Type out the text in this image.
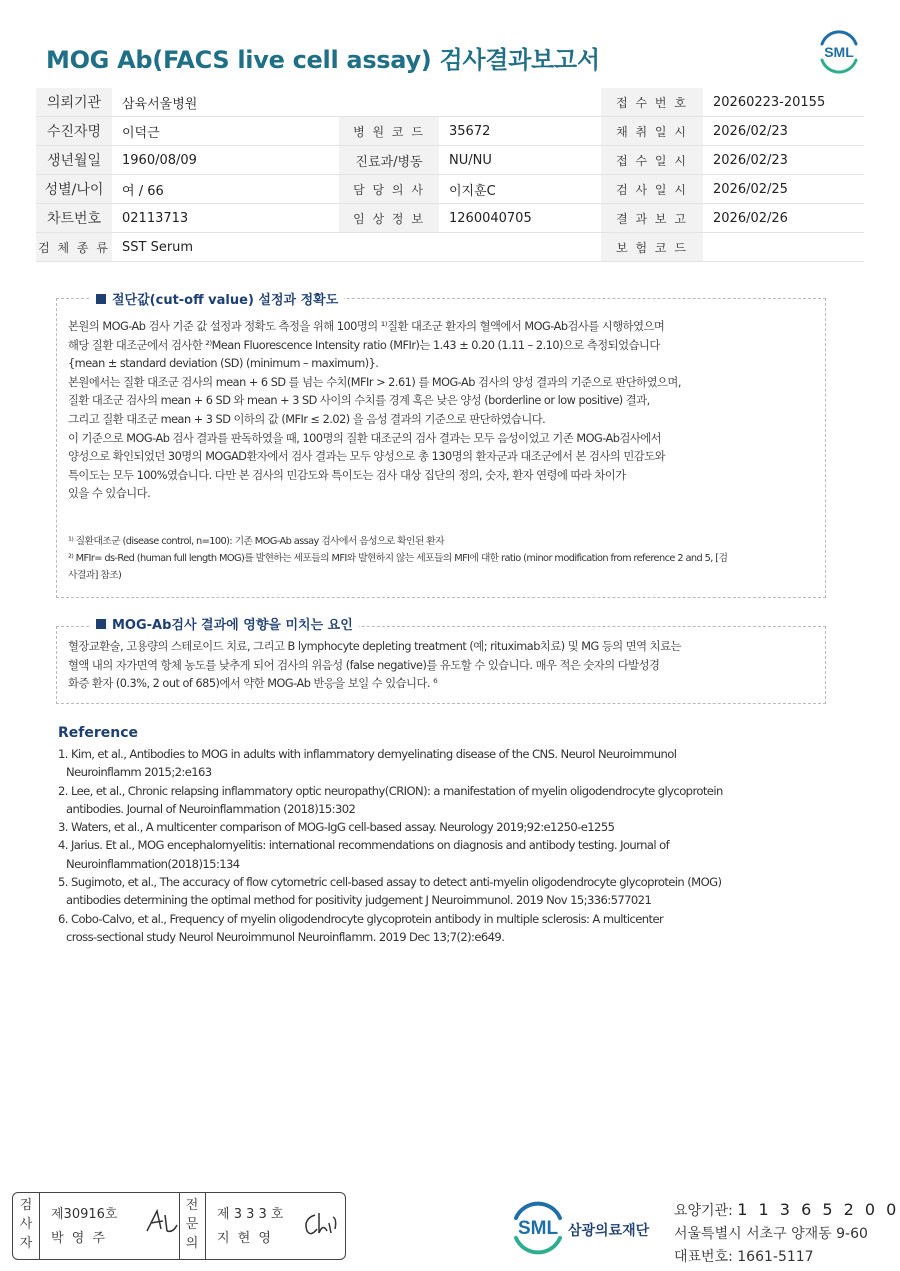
MOG Ab(FACS live cell assay) 검사결과보고서	SML
의뢰기관	삼육서울병원			접 수 번 호	20260223-20155
수진자명	이덕근	병 원 코 드	35672	채 취 일 시	2026/02/23
생년월일	1960/08/09	진료과/병동	NU/NU	접 수 일 시	2026/02/23
성별/나이	여 / 66	담 당 의 사	이지훈C	검 사 일 시	2026/02/25
차트번호	02113713	임 상 정 보	1260040705	결 과 보 고	2026/02/26
검 체 종 류	SST Serum			보 험 코 드	
절단값(cut-off value) 설정과 정확도
본원의 MOG-Ab 검사 기준 값 설정과 정확도 측정을 위해 100명의 ¹⁾질환 대조군 환자의 혈액에서 MOG-Ab검사를 시행하였으며
해당 질환 대조군에서 검사한 ²⁾Mean Fluorescence Intensity ratio (MFIr)는 1.43 ± 0.20 (1.11 – 2.10)으로 측정되었습니다
{mean ± standard deviation (SD) (minimum – maximum)}.
본원에서는 질환 대조군 검사의 mean + 6 SD 를 넘는 수치(MFIr > 2.61) 를 MOG-Ab 검사의 양성 결과의 기준으로 판단하였으며,
질환 대조군 검사의 mean + 6 SD 와 mean + 3 SD 사이의 수치를 경계 혹은 낮은 양성 (borderline or low positive) 결과,
그리고 질환 대조군 mean + 3 SD 이하의 값 (MFIr ≤ 2.02) 을 음성 결과의 기준으로 판단하였습니다.
이 기준으로 MOG-Ab 검사 결과를 판독하였을 때, 100명의 질환 대조군의 검사 결과는 모두 음성이었고 기존 MOG-Ab검사에서
양성으로 확인되었던 30명의 MOGAD환자에서 검사 결과는 모두 양성으로 총 130명의 환자군과 대조군에서 본 검사의 민감도와
특이도는 모두 100%였습니다. 다만 본 검사의 민감도와 특이도는 검사 대상 집단의 정의, 숫자, 환자 연령에 따라 차이가
있을 수 있습니다.
¹⁾ 질환대조군 (disease control, n=100): 기존 MOG-Ab assay 검사에서 음성으로 확인된 환자
²⁾ MFIr= ds-Red (human full length MOG)를 발현하는 세포들의 MFI와 발현하지 않는 세포들의 MFI에 대한 ratio (minor modification from reference 2 and 5, [검
사결과] 참조)
MOG-Ab검사 결과에 영향을 미치는 요인
혈장교환술, 고용량의 스테로이드 치료, 그리고 B lymphocyte depleting treatment (예; rituximab치료) 및 MG 등의 면역 치료는
혈액 내의 자가면역 항체 농도를 낮추게 되어 검사의 위음성 (false negative)를 유도할 수 있습니다. 매우 적은 숫자의 다발성경
화증 환자 (0.3%, 2 out of 685)에서 약한 MOG-Ab 반응을 보일 수 있습니다. ⁶
Reference
1. Kim, et al., Antibodies to MOG in adults with inflammatory demyelinating disease of the CNS. Neurol Neuroimmunol
Neuroinflamm 2015;2:e163
2. Lee, et al., Chronic relapsing inflammatory optic neuropathy(CRION): a manifestation of myelin oligodendrocyte glycoprotein
antibodies. Journal of Neuroinflammation (2018)15:302
3. Waters, et al., A multicenter comparison of MOG-IgG cell-based assay. Neurology 2019;92:e1250-e1255
4. Jarius. Et al., MOG encephalomyelitis: international recommendations on diagnosis and antibody testing. Journal of
Neuroinflammation(2018)15:134
5. Sugimoto, et al., The accuracy of flow cytometric cell-based assay to detect anti-myelin oligodendrocyte glycoprotein (MOG)
antibodies determining the optimal method for positivity judgement J Neuroimmunol. 2019 Nov 15;336:577021
6. Cobo-Calvo, et al., Frequency of myelin oligodendrocyte glycoprotein antibody in multiple sclerosis: A multicenter
cross-sectional study Neurol Neuroimmunol Neuroinflamm. 2019 Dec 13;7(2):e649.
검 사 자
제30916호
박 영 주
전 문 의
제 3 3 3 호
지 현 영	SML 삼광의료재단
요양기관: 1 1 3 6 5 2 0 0
서울특별시 서초구 양재동 9-60
대표번호: 1661-5117
